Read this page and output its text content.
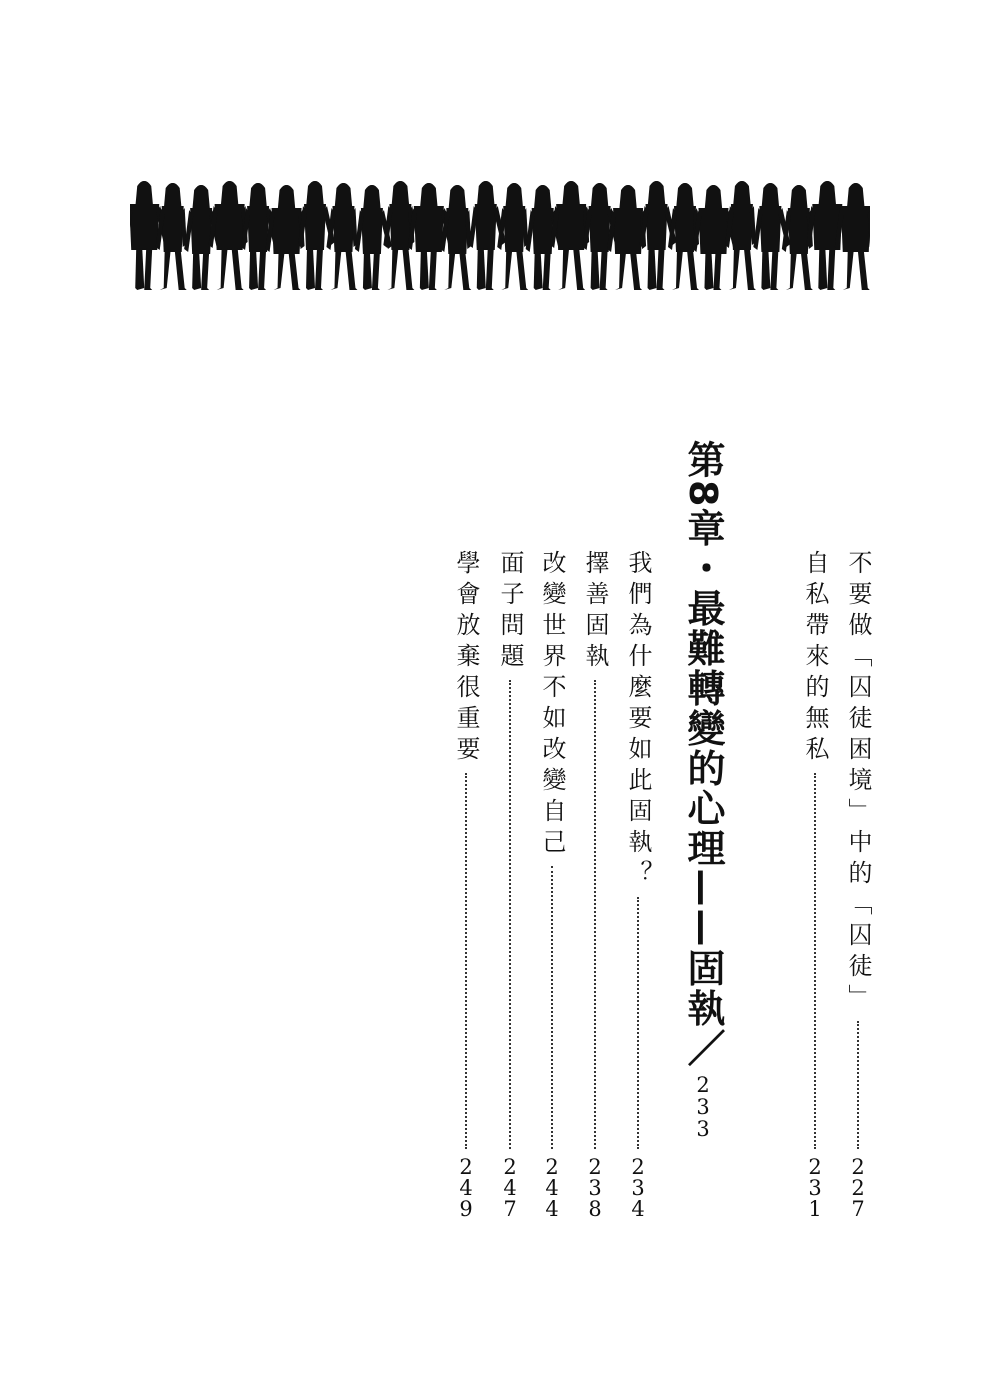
不要做「囚徒困境」中的「囚徒」
2
2
7
自私帶來的無私
2
3
1
第8章・最難轉變的心理——固執／
2
3
3
我們為什麼要如此固執？
2
3
4
擇善固執
2
3
8
改變世界不如改變自己
2
4
4
面子問題
2
4
7
學會放棄很重要
2
4
9
